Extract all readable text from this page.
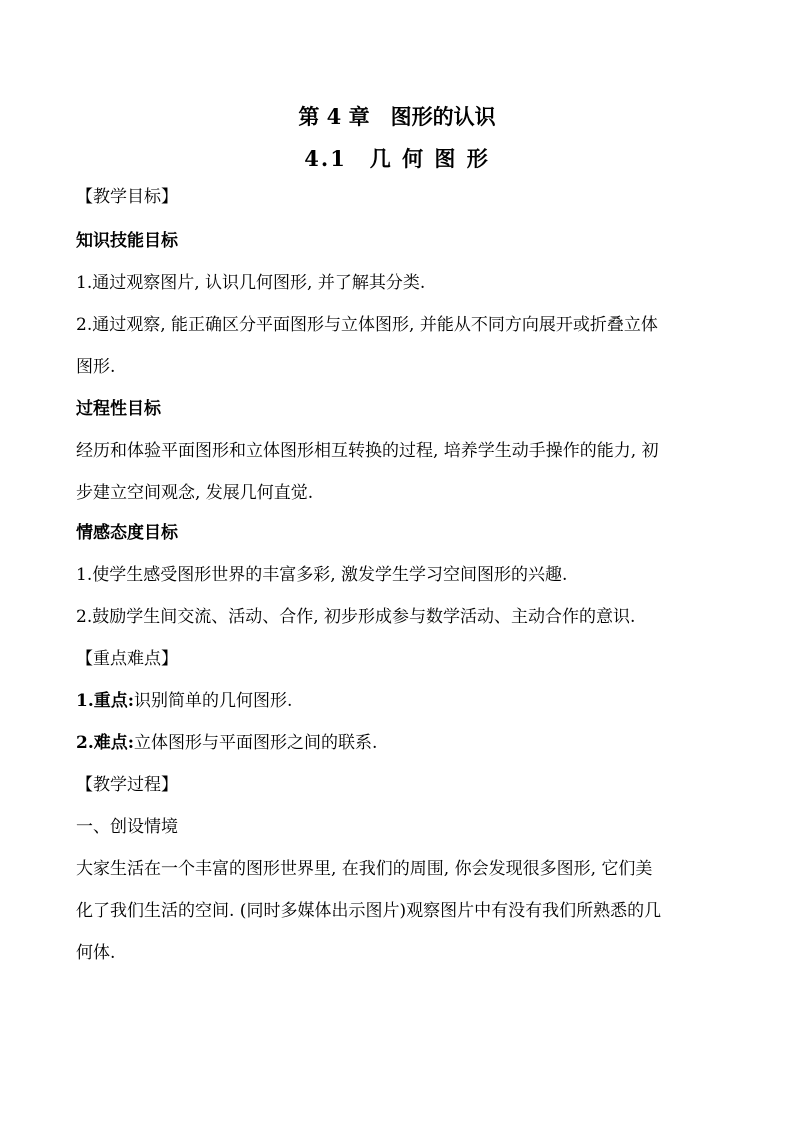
第 4 章　图形的认识
4.1　几 何 图 形
【教学目标】
知识技能目标
1.通过观察图片, 认识几何图形, 并了解其分类.
2.通过观察, 能正确区分平面图形与立体图形, 并能从不同方向展开或折叠立体
图形.
过程性目标
经历和体验平面图形和立体图形相互转换的过程, 培养学生动手操作的能力, 初
步建立空间观念, 发展几何直觉.
情感态度目标
1.使学生感受图形世界的丰富多彩, 激发学生学习空间图形的兴趣.
2.鼓励学生间交流、活动、合作, 初步形成参与数学活动、主动合作的意识.
【重点难点】
1.重点:识别简单的几何图形.
2.难点:立体图形与平面图形之间的联系.
【教学过程】
一、创设情境
大家生活在一个丰富的图形世界里, 在我们的周围, 你会发现很多图形, 它们美
化了我们生活的空间. (同时多媒体出示图片)观察图片中有没有我们所熟悉的几
何体.
